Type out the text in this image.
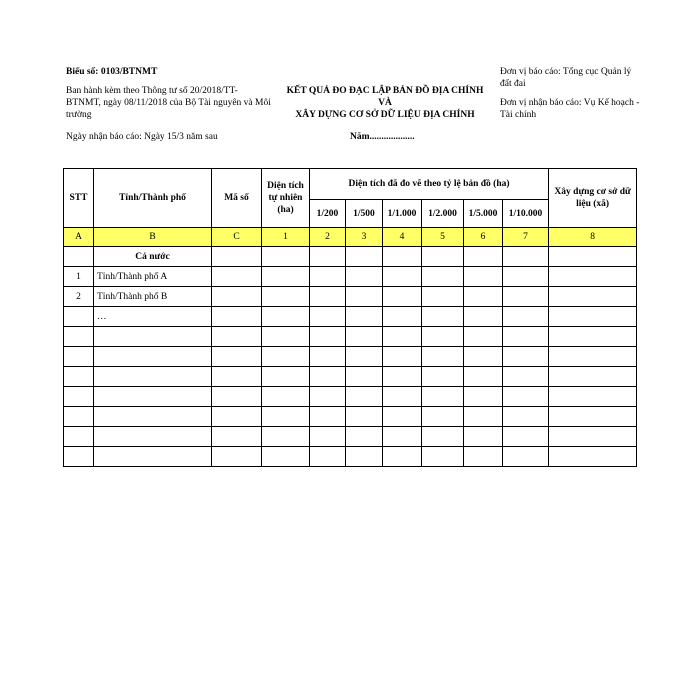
Biểu số: 0103/BTNMT
Ban hành kèm theo Thông tư số 20/2018/TT-BTNMT, ngày 08/11/2018 của Bộ Tài nguyên và Môi trường
Ngày nhận báo cáo: Ngày 15/3 năm sau
KẾT QUẢ ĐO ĐẠC LẬP BẢN ĐỒ ĐỊA CHÍNH VÀ
XÂY DỰNG CƠ SỞ DỮ LIỆU ĐỊA CHÍNH
Năm...................
Đơn vị báo cáo: Tổng cục Quản lý đất đai
Đơn vị nhận báo cáo: Vụ Kế hoạch - Tài chính
STT	Tỉnh/Thành phố	Mã số	Diện tích tự nhiên (ha)	Diện tích đã đo vẽ theo tỷ lệ bản đồ (ha)						Xây dựng cơ sở dữ liệu (xã)
				1/200	1/500	1/1.000	1/2.000	1/5.000	1/10.000	
A	B	C	1	2	3	4	5	6	7	8
	Cả nước									
1	Tỉnh/Thành phố A									
2	Tỉnh/Thành phố B									
	…									
